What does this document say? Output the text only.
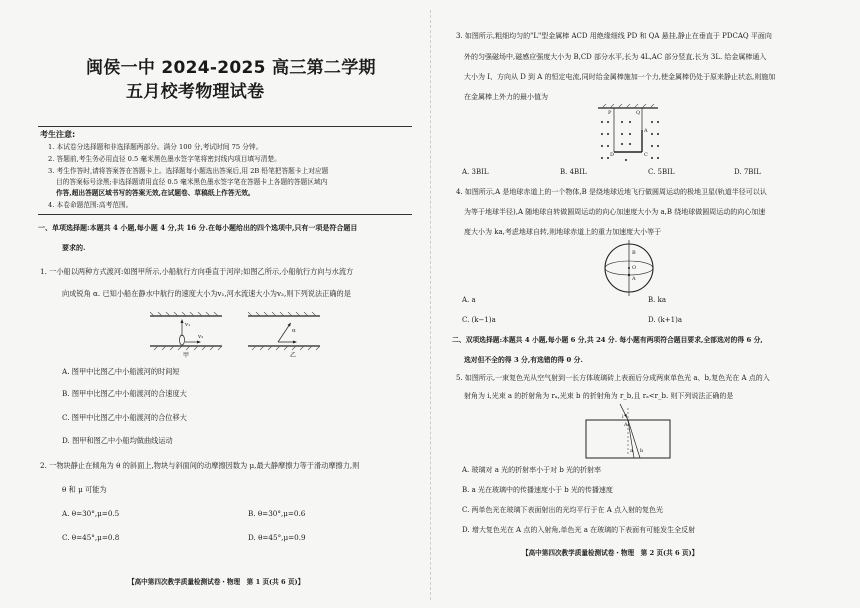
闽侯一中 2024-2025 高三第二学期
五月校考物理试卷
考生注意:
1. 本试卷分选择题和非选择题两部分。满分 100 分,考试时间 75 分钟。
2. 答题前,考生务必用直径 0.5 毫米黑色墨水签字笔将密封线内项目填写清楚。
3. 考生作答时,请将答案答在答题卡上。选择题每小题选出答案后,用 2B 铅笔把答题卡上对应题
目的答案标号涂黑;非选择题请用直径 0.5 毫米黑色墨水签字笔在答题卡上各题的答题区域内
作答,超出答题区域书写的答案无效,在试题卷、草稿纸上作答无效。
4. 本卷命题范围:高考范围。
一、单项选择题:本题共 4 小题,每小题 4 分,共 16 分.在每小题给出的四个选项中,只有一项是符合题目
要求的.
1. 一小船以两种方式渡河:如图甲所示,小船航行方向垂直于河岸;如图乙所示,小船航行方向与水流方
向成锐角 α. 已知小船在静水中航行的速度大小为v₁,河水流速大小为v₂,则下列说法正确的是
v₁
v₂
甲
α
乙
A. 图甲中比图乙中小船渡河的时间短
B. 图甲中比图乙中小船渡河的合速度大
C. 图甲中比图乙中小船渡河的合位移大
D. 图甲和图乙中小船均做曲线运动
2. 一物块静止在倾角为 θ 的斜面上,物块与斜面间的动摩擦因数为 μ,最大静摩擦力等于滑动摩擦力,则
θ 和 μ 可能为
A. θ=30°,μ=0.5	B. θ=30°,μ=0.6
C. θ=45°,μ=0.8	D. θ=45°,μ=0.9
【高中第四次教学质量检测试卷・物理　第 1 页(共 6 页)】
3. 如图所示,粗细均匀的"L"型金属棒 ACD 用绝缘细线 PD 和 QA 悬挂,静止在垂直于 PDCAQ 平面向
外的匀强磁场中,磁感应强度大小为 B,CD 部分水平,长为 4L,AC 部分竖直,长为 3L. 给金属棒通入
大小为 I、方向从 D 到 A 的恒定电流,同时给金属棒施加一个力,使金属棒仍处于原来静止状态,则施加
在金属棒上外力的最小值为
P	Q
A
C
D
A. 3BIL	B. 4BIL	C. 5BIL	D. 7BIL
4. 如图所示,A 是地球赤道上的一个物体,B 是绕地球近地飞行做圆周运动的极地卫星(轨道半径可以认
为等于地球半径),A 随地球自转做圆周运动的向心加速度大小为 a,B 绕地球做圆周运动的向心加速
度大小为 ka,考虑地球自转,则地球赤道上的重力加速度大小等于
O
A
B
A. a	B. ka
C. (k−1)a	D. (k+1)a
二、双项选择题:本题共 4 小题,每小题 6 分,共 24 分. 每小题有两项符合题目要求,全部选对的得 6 分,
选对但不全的得 3 分,有选错的得 0 分.
5. 如图所示,一束复色光从空气射到一长方体玻璃砖上表面后分成两束单色光 a、b,复色光在 A 点的入
射角为 i,光束 a 的折射角为 rₐ,光束 b 的折射角为 r_b,且 rₐ<r_b. 则下列说法正确的是
i
A
a b
A. 玻璃对 a 光的折射率小于对 b 光的折射率
B. a 光在玻璃中的传播速度小于 b 光的传播速度
C. 两单色光在玻璃下表面射出的光均平行于在 A 点入射的复色光
D. 增大复色光在 A 点的入射角,单色光 a 在玻璃的下表面有可能发生全反射
【高中第四次教学质量检测试卷・物理　第 2 页(共 6 页)】
